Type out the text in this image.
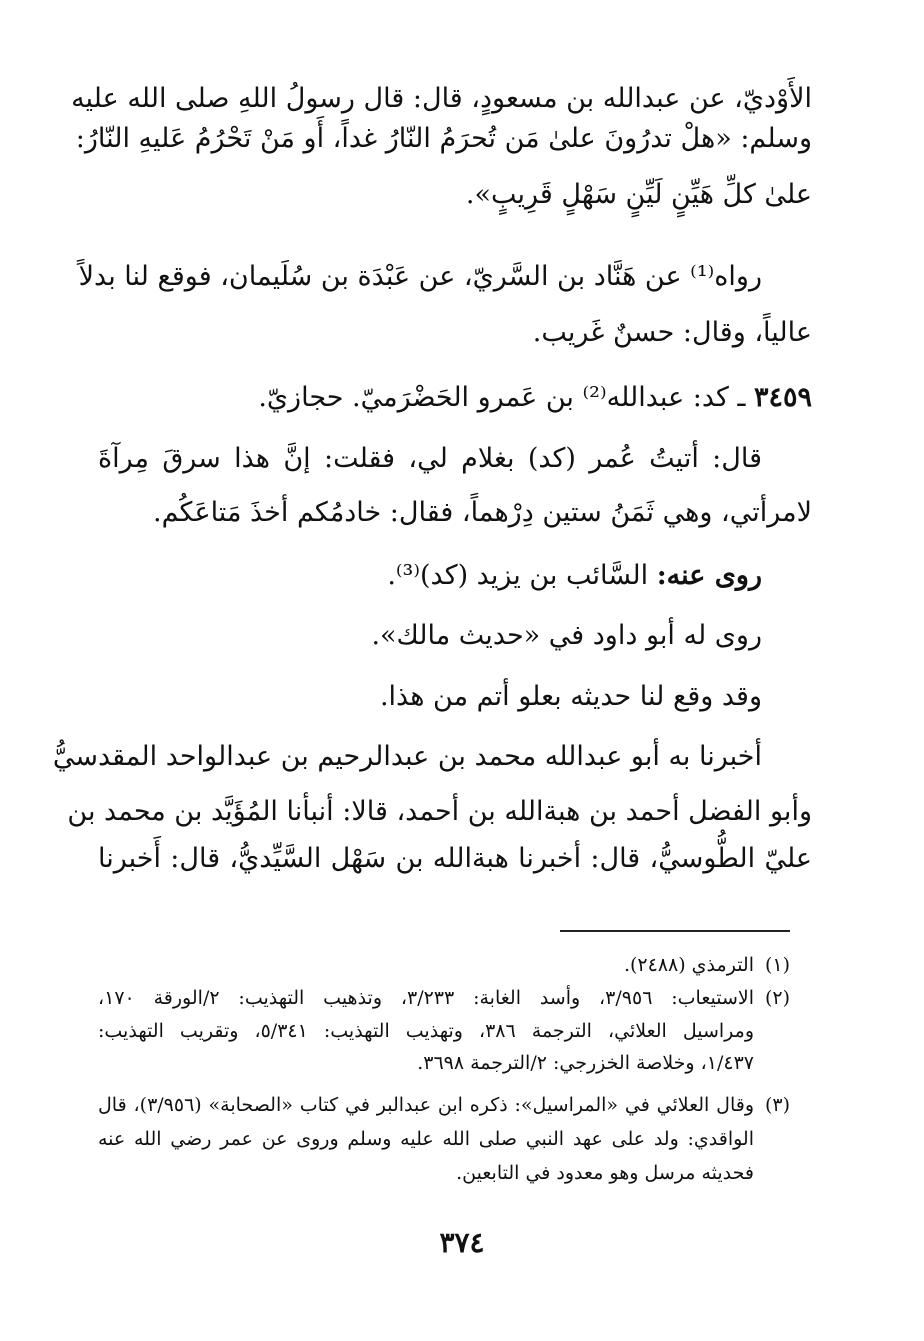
الأَوْديّ، عن عبدالله بن مسعودٍ، قال: قال رسولُ اللهِ صلى الله عليه
وسلم: «هلْ تدرُونَ علىٰ مَن تُحرَمُ النّارُ غداً، أَو مَنْ تَحْرُمُ عَليهِ النّارُ:
علىٰ كلِّ هَيِّنٍ لَيِّنٍ سَهْلٍ قَرِيبٍ».
رواه⁽¹⁾ عن هَنَّاد بن السَّريّ، عن عَبْدَة بن سُلَيمان، فوقع لنا بدلاً
عالياً، وقال: حسنٌ غَريب.
٣٤٥٩ ـ كد: عبدالله⁽²⁾ بن عَمرو الحَضْرَميّ. حجازيّ.
قال: أتيتُ عُمر (كد) بغلام لي، فقلت: إنَّ هذا سرقَ مِرآةَ
لامرأتي، وهي ثَمَنُ ستين دِرْهماً، فقال: خادمُكم أخذَ مَتاعَكُم.
روى عنه: السَّائب بن يزيد (كد)⁽³⁾.
روى له أبو داود في «حديث مالك».
وقد وقع لنا حديثه بعلو أتم من هذا.
أخبرنا به أبو عبدالله محمد بن عبدالرحيم بن عبدالواحد المقدسيُّ
وأبو الفضل أحمد بن هبةالله بن أحمد، قالا: أنبأنا المُؤَيَّد بن محمد بن
عليّ الطُّوسيُّ، قال: أخبرنا هبةالله بن سَهْل السَّيِّديُّ، قال: أَخبرنا
(١)الترمذي (٢٤٨٨).
(٢)الاستيعاب: ٣/٩٥٦، وأسد الغابة: ٣/٢٣٣، وتذهيب التهذيب: ٢/الورقة ١٧٠،
ومراسيل العلائي، الترجمة ٣٨٦، وتهذيب التهذيب: ٥/٣٤١، وتقريب التهذيب:
١/٤٣٧، وخلاصة الخزرجي: ٢/الترجمة ٣٦٩٨.
(٣)وقال العلائي في «المراسيل»: ذكره ابن عبدالبر في كتاب «الصحابة» (٣/٩٥٦)، قال
الواقدي: ولد على عهد النبي صلى الله عليه وسلم وروى عن عمر رضي الله عنه
فحديثه مرسل وهو معدود في التابعين.
٣٧٤
